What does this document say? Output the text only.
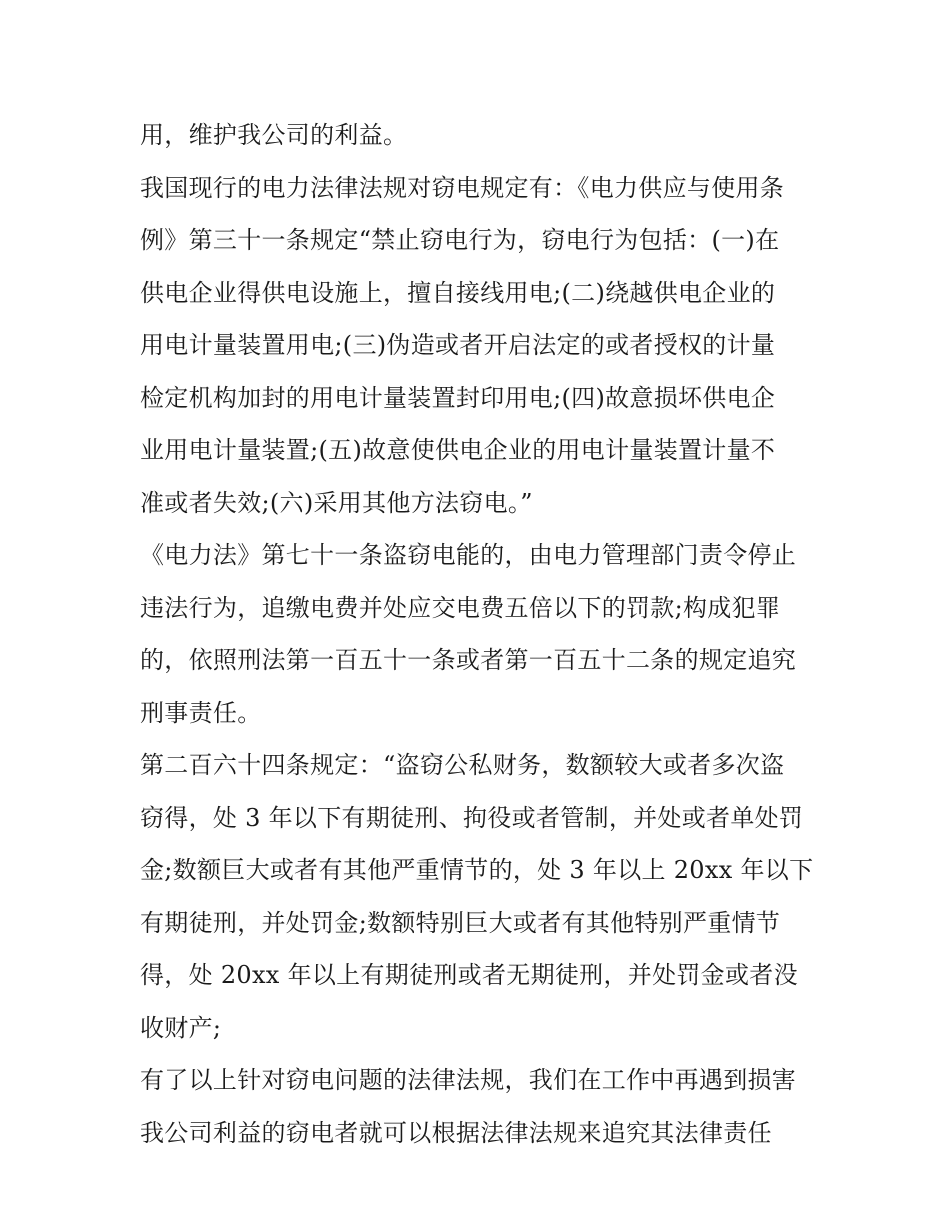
用，维护我公司的利益。
我国现行的电力法律法规对窃电规定有：《电力供应与使用条
例》第三十一条规定“禁止窃电行为，窃电行为包括：(一)在
供电企业得供电设施上，擅自接线用电;(二)绕越供电企业的
用电计量装置用电;(三)伪造或者开启法定的或者授权的计量
检定机构加封的用电计量装置封印用电;(四)故意损坏供电企
业用电计量装置;(五)故意使供电企业的用电计量装置计量不
准或者失效;(六)采用其他方法窃电。”
《电力法》第七十一条盗窃电能的，由电力管理部门责令停止
违法行为，追缴电费并处应交电费五倍以下的罚款;构成犯罪
的，依照刑法第一百五十一条或者第一百五十二条的规定追究
刑事责任。
第二百六十四条规定：“盗窃公私财务，数额较大或者多次盗
窃得，处 3 年以下有期徒刑、拘役或者管制，并处或者单处罚
金;数额巨大或者有其他严重情节的，处 3 年以上 20xx 年以下
有期徒刑，并处罚金;数额特别巨大或者有其他特别严重情节
得，处 20xx 年以上有期徒刑或者无期徒刑，并处罚金或者没
收财产;
有了以上针对窃电问题的法律法规，我们在工作中再遇到损害
我公司利益的窃电者就可以根据法律法规来追究其法律责任
